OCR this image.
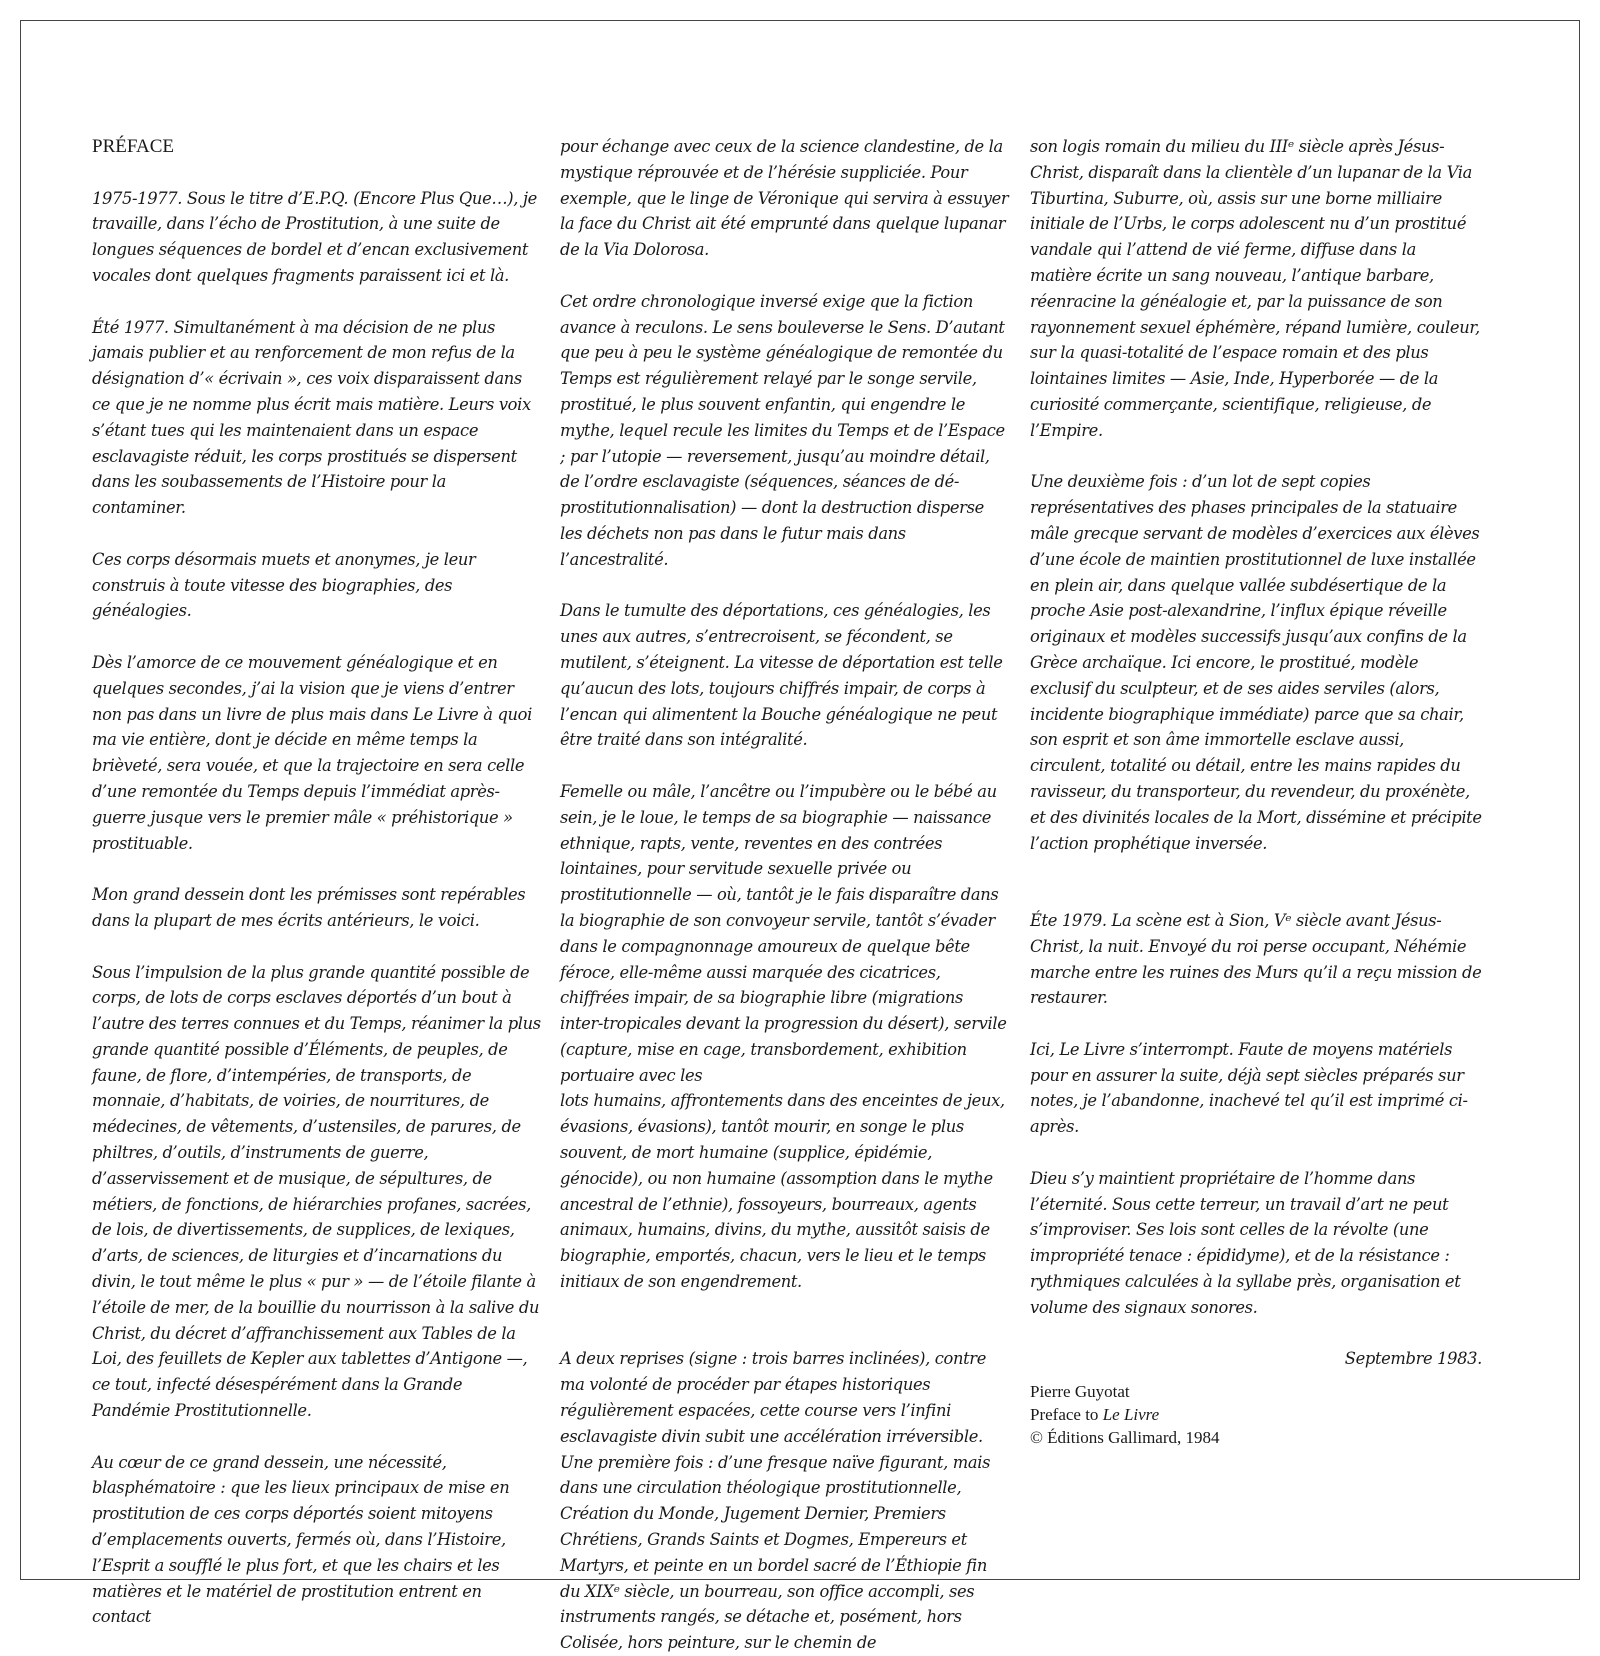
PRÉFACE

1975-1977. Sous le titre d’E.P.Q. (Encore Plus Que…), je travaille, dans l’écho de Prostitution, à une suite de longues séquences de bordel et d’encan exclusivement vocales dont quelques fragments paraissent ici et là.

Été 1977. Simultanément à ma décision de ne plus jamais publier et au renforcement de mon refus de la désignation d’« écrivain », ces voix disparaissent dans ce que je ne nomme plus écrit mais matière. Leurs voix s’étant tues qui les maintenaient dans un espace esclavagiste réduit, les corps prostitués se dispersent dans les soubassements de l’Histoire pour la contaminer.

Ces corps désormais muets et anonymes, je leur construis à toute vitesse des biographies, des généalogies.

Dès l’amorce de ce mouvement généalogique et en quelques secondes, j’ai la vision que je viens d’entrer non pas dans un livre de plus mais dans Le Livre à quoi ma vie entière, dont je décide en même temps la brièveté, sera vouée, et que la trajectoire en sera celle d’une remontée du Temps depuis l’immédiat après-guerre jusque vers le premier mâle « préhistorique » prostituable.

Mon grand dessein dont les prémisses sont repérables dans la plupart de mes écrits antérieurs, le voici.

Sous l’impulsion de la plus grande quantité possible de corps, de lots de corps esclaves déportés d’un bout à l’autre des terres connues et du Temps, réanimer la plus grande quantité possible d’Éléments, de peuples, de faune, de flore, d’intempéries, de transports, de monnaie, d’habitats, de voiries, de nourritures, de médecines, de vêtements, d’ustensiles, de parures, de philtres, d’outils, d’instruments de guerre, d’asservissement et de musique, de sépultures, de métiers, de fonctions, de hiérarchies profanes, sacrées, de lois, de divertissements, de supplices, de lexiques, d’arts, de sciences, de liturgies et d’incarnations du divin, le tout même le plus « pur » — de l’étoile filante à l’étoile de mer, de la bouillie du nourrisson à la salive du Christ, du décret d’affranchissement aux Tables de la Loi, des feuillets de Kepler aux tablettes d’Antigone —, ce tout, infecté désespérément dans la Grande Pandémie Prostitutionnelle.

Au cœur de ce grand dessein, une nécessité, blasphématoire : que les lieux principaux de mise en prostitution de ces corps déportés soient mitoyens d’emplacements ouverts, fermés où, dans l’Histoire, l’Esprit a soufflé le plus fort, et que les chairs et les matières et le matériel de prostitution entrent en contact

pour échange avec ceux de la science clandestine, de la mystique réprouvée et de l’hérésie suppliciée. Pour exemple, que le linge de Véronique qui servira à essuyer la face du Christ ait été emprunté dans quelque lupanar de la Via Dolorosa.

Cet ordre chronologique inversé exige que la fiction avance à reculons. Le sens bouleverse le Sens. D’autant que peu à peu le système généalogique de remontée du Temps est régulièrement relayé par le songe servile, prostitué, le plus souvent enfantin, qui engendre le mythe, lequel recule les limites du Temps et de l’Espace ; par l’utopie — reversement, jusqu’au moindre détail, de l’ordre esclavagiste (séquences, séances de dé-prostitutionnalisation) — dont la destruction disperse les déchets non pas dans le futur mais dans l’ancestralité.

Dans le tumulte des déportations, ces généalogies, les unes aux autres, s’entrecroisent, se fécondent, se mutilent, s’éteignent. La vitesse de déportation est telle qu’aucun des lots, toujours chiffrés impair, de corps à l’encan qui alimentent la Bouche généalogique ne peut être traité dans son intégralité.

Femelle ou mâle, l’ancêtre ou l’impubère ou le bébé au sein, je le loue, le temps de sa biographie — naissance ethnique, rapts, vente, reventes en des contrées lointaines, pour servitude sexuelle privée ou prostitutionnelle — où, tantôt je le fais disparaître dans la biographie de son convoyeur servile, tantôt s’évader dans le compagnonnage amoureux de quelque bête féroce, elle-même aussi marquée des cicatrices, chiffrées impair, de sa biographie libre (migrations inter-tropicales devant la progression du désert), servile (capture, mise en cage, transbordement, exhibition portuaire avec les

lots humains, affrontements dans des enceintes de jeux, évasions, évasions), tantôt mourir, en songe le plus souvent, de mort humaine (supplice, épidémie, génocide), ou non humaine (assomption dans le mythe ancestral de l’ethnie), fossoyeurs, bourreaux, agents animaux, humains, divins, du mythe, aussitôt saisis de biographie, emportés, chacun, vers le lieu et le temps initiaux de son engendrement.

A deux reprises (signe : trois barres inclinées), contre ma volonté de procéder par étapes historiques régulièrement espacées, cette course vers l’infini esclavagiste divin subit une accélération irréversible. Une première fois : d’une fresque naïve figurant, mais dans une circulation théologique prostitutionnelle, Création du Monde, Jugement Dernier, Premiers Chrétiens, Grands Saints et Dogmes, Empereurs et Martyrs, et peinte en un bordel sacré de l’Éthiopie fin du XIXᵉ siècle, un bourreau, son office accompli, ses instruments rangés, se détache et, posément, hors Colisée, hors peinture, sur le chemin de

son logis romain du milieu du IIIᵉ siècle après Jésus-Christ, disparaît dans la clientèle d’un lupanar de la Via Tiburtina, Suburre, où, assis sur une borne milliaire initiale de l’Urbs, le corps adolescent nu d’un prostitué vandale qui l’attend de vié ferme, diffuse dans la matière écrite un sang nouveau, l’antique barbare, réenracine la généalogie et, par la puissance de son rayonnement sexuel éphémère, répand lumière, couleur, sur la quasi-totalité de l’espace romain et des plus lointaines limites — Asie, Inde, Hyperborée — de la curiosité commerçante, scientifique, religieuse, de l’Empire.

Une deuxième fois : d’un lot de sept copies représentatives des phases principales de la statuaire mâle grecque servant de modèles d’exercices aux élèves d’une école de maintien prostitutionnel de luxe installée en plein air, dans quelque vallée subdésertique de la proche Asie post-alexandrine, l’influx épique réveille originaux et modèles successifs jusqu’aux confins de la Grèce archaïque. Ici encore, le prostitué, modèle exclusif du sculpteur, et de ses aides serviles (alors, incidente biographique immédiate) parce que sa chair, son esprit et son âme immortelle esclave aussi, circulent, totalité ou détail, entre les mains rapides du ravisseur, du transporteur, du revendeur, du proxénète, et des divinités locales de la Mort, dissémine et précipite l’action prophétique inversée.

Éte 1979. La scène est à Sion, Vᵉ siècle avant Jésus-Christ, la nuit. Envoyé du roi perse occupant, Néhémie marche entre les ruines des Murs qu’il a reçu mission de restaurer.

Ici, Le Livre s’interrompt. Faute de moyens matériels pour en assurer la suite, déjà sept siècles préparés sur notes, je l’abandonne, inachevé tel qu’il est imprimé ci-après.

Dieu s’y maintient propriétaire de l’homme dans l’éternité. Sous cette terreur, un travail d’art ne peut s’improviser. Ses lois sont celles de la révolte (une impropriété tenace : épididyme), et de la résistance : rythmiques calculées à la syllabe près, organisation et volume des signaux sonores.

Septembre 1983.

Pierre Guyotat
Preface to Le Livre
© Éditions Gallimard, 1984
